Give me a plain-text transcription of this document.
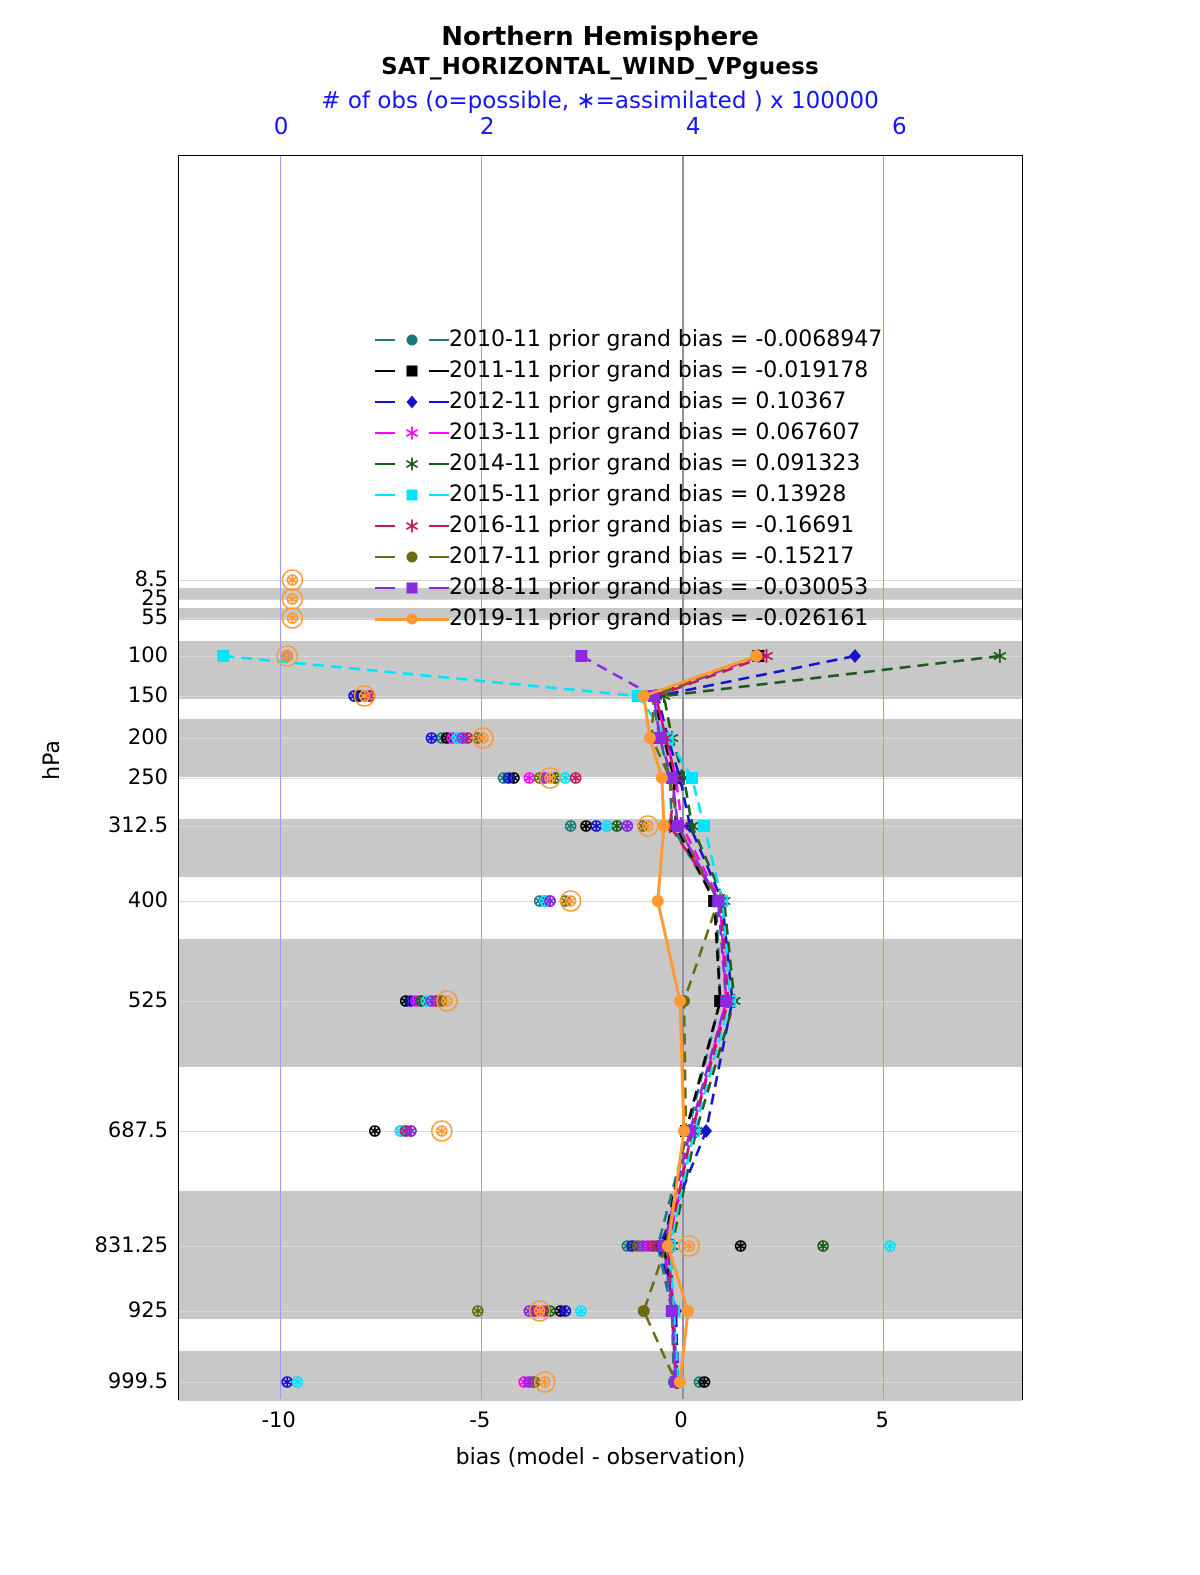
Northern Hemisphere
SAT_HORIZONTAL_WIND_VPguess
# of obs (o=possible, ∗=assimilated ) x 100000
0	2	4	6
-10	-5	0	5
8.5
25
55
100
150
200
250
312.5
400
525
687.5
831.25
925
999.5
hPa
bias (model - observation)
2010-11 prior grand bias = -0.0068947
2011-11 prior grand bias = -0.019178
2012-11 prior grand bias = 0.10367
2013-11 prior grand bias = 0.067607
2014-11 prior grand bias = 0.091323
2015-11 prior grand bias = 0.13928
2016-11 prior grand bias = -0.16691
2017-11 prior grand bias = -0.15217
2018-11 prior grand bias = -0.030053
2019-11 prior grand bias = -0.026161
